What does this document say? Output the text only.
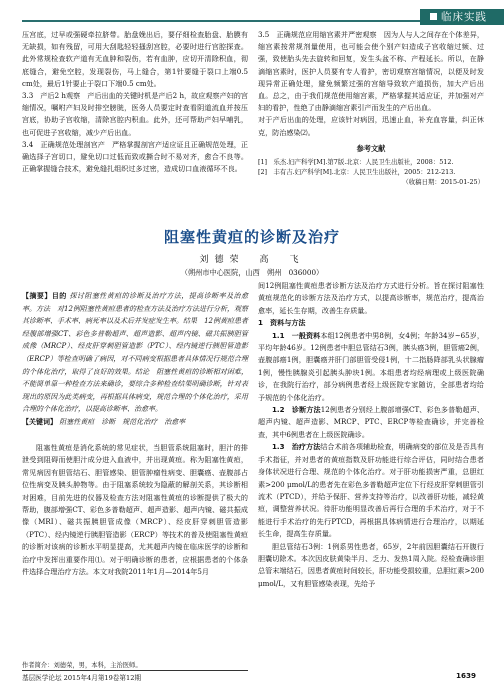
临床实践

压宫底，过早或强硬牵拉脐带。胎盘娩出后，要仔细检查胎盘、胎膜有无缺损，如有残留，可用大刮匙轻轻搔刮宫腔，必要时进行宫腔探查。此外常规检查软产道有无血肿和裂伤，若有血肿，应切开清除积血，彻底缝合，避免空腔，发现裂伤，马上缝合，第1针要缝于裂口上端0.5 cm处，最后1针要止于裂口下端0.5 cm处。

3.3　产后2 h观察　产后出血的关键时机是产后2 h，故应观察产妇的宫缩情况，嘱咐产妇及时排空膀胱，医务人员要定时查看阴道流血并按压宫底，协助子宫收缩，清除宫腔内积血。此外，还可帮助产妇早哺乳，也可促进子宫收缩，减少产后出血。

3.4　正确规范处理剖宫产　严格掌握剖宫产适应证且正确规范处理，正确选择子宫切口，避免切口过低而致或撕合时不易对齐，愈合不良等。正确掌握缝合技术，避免缝扎组织过多过密，造成切口血液循环不良。

3.5　正确规范应用缩宫素并严密观察　因为人与人之间存在个体差异，缩宫素按常规剂量使用，也可能会使个别产妇造成子宫收缩过频、过强，致使胎头先去旋转和回复，发生头盆不称、产程延长。所以，在静滴缩宫素时，医护人员要有专人看护，密切观察宫缩情况，以便及时发现异常正确处理，避免频繁过强的宫缩导致软产道损伤，加大产后出血。总之，由于我们规范使用缩宫素，严格掌握其适应证，并加强对产妇的看护，性绝了由静滴缩宫素引产而发生的产后出血。

对于产后出血的处理，应该针对病因，迅速止血，补充血容量，纠正休克，防治感染⑵。

参考文献
[1]　乐杰.妇产科学[M].第7版.北京：人民卫生出版社，2008：512.
[2]　丰有吉.妇产科学[M].北京：人民卫生出版社，2005：212-213.
（收稿日期：2015-01-25）
阻塞性黄疸的诊断及治疗
刘德荣　高　飞
（朔州市中心医院，山西　朔州　036000）
【摘要】目的 探讨阻塞性黄疸的诊断及治疗方法，提高诊断率及治愈率。方法　对12例阻塞性黄疸患者的检查方法及治疗方法进行分析，观察其诊断率、手术率、病死率以及术后并发症发生率。结果　12例黄疸患者经腹部增强CT、彩色多普勒超声、超声造影、超声内镜、磁共振胰胆管成像（MRCP）、经皮肝穿刺胆管造影（PTC）、经内镜逆行胰胆管造影（ERCP）等检查明确了病因，对不同病变根据患者具体情况行规范合理的个体化治疗，取得了良好的效果。结论　阻塞性黄疸的诊断相对困难，不能简单靠一种检查方法来确诊，要综合多种检查结果明确诊断，针对表现出的原因为此类病变，再根据具体病变，规范合理的个体化治疗，采用合理的个体化治疗，以提高诊断率、治愈率。
【关键词】 阻塞性黄疸　诊断　规范化治疗　治愈率

阻塞性黄疸是消化系统的常见症状，当胆管系统阻塞时，胆汁的排泄受到阻碍而使胆汁成分进入血液中，并出现黄疸。称为阻塞性黄疸，常见病因有胆管结石、胆管感染、胆管肿瘤性病变、胆囊癌、壶腹部占位性病变及胰头肿物等。由于阻塞系统较为隐蔽的解剖关系，其诊断相对困难，目前先进的仪器及检查方法对阻塞性黄疸的诊断提供了极大的帮助，腹部增强CT、彩色多普勒超声、超声造影、超声内镜、磁共振成像（MRI）、磁共振胰胆管成像（MRCP）、经皮肝穿刺胆管造影（PTC）、经内镜逆行胰胆管造影（ERCP）等技术的普及使阻塞性黄疸的诊断对该病的诊断水平明显提高，尤其超声内镜在临床医学的诊断和治疗中发挥出重要作用⑴。对于明确诊断的患者，应根据患者的个体条件选择合理治疗方法。本文对我院2011年1月—2014年5月

间12例阻塞性黄疸患者诊断方法及治疗方式进行分析。旨在探讨阻塞性黄疸规范化的诊断方法及治疗方式，以提高诊断率，规范治疗，提高治愈率，延长生存期，改善生存质量。

1　资料与方法

1.1　一般资料本组12例患者中男8例，女4例；年龄34岁~65岁，平均年龄46岁。12例患者中胆总管结石3例，胰头癌3例，胆管癌2例，壶腹部癌1例，胆囊癌并肝门部胆管受侵1例，十二指肠降部乳头状腺瘤1例，慢性胰腺炎引起胰头肿块1例。本组患者均经病理或上级医院确诊，在我院行治疗，部分病例患者经上级医院专家随访，全部患者均给予规范的个体化治疗。

1.2　诊断方法12例患者分别经上腹部增强CT、彩色多普勒超声、超声内镜、超声造影、MRCP、PTC、ERCP等检查确诊，并完善检查，其中6例患者在上级医院确诊。

1.3　治疗方法结合术前各项辅助检查，明确病变的部位及是否具有手术指征，并对患者的黄疸指数及肝功能进行综合评估，同时结合患者身体状况进行合理、规范的个体化治疗。对于肝功能损害严重，总胆红素>200 μmol/L的患者先在彩色多普勒超声定位下行经皮肝穿刺胆管引流术（PTCD），并给予保肝、营养支持等治疗，以改善肝功能，减轻黄疸，调整营养状况。待肝功能明显改善后再行合理的手术治疗，对于不能进行手术治疗的先行PTCD，再根据具体病情进行合理治疗，以期延长生命，提高生存质量。

胆总管结石3例：1例系男性患者，65岁，2年前因胆囊结石开腹行胆囊切除术。本次因皮肤黄染半月、乏力、发热1周入院。经检查确诊胆总管末端结石，因患者黄疸时间较长，肝功能受损较重，总胆红素>200 μmol/L，又有胆管感染表现，先给予

作者简介：刘德荣，男，本科，主治医师。
基层医学论坛 2015年4月第19卷第12期	1639
